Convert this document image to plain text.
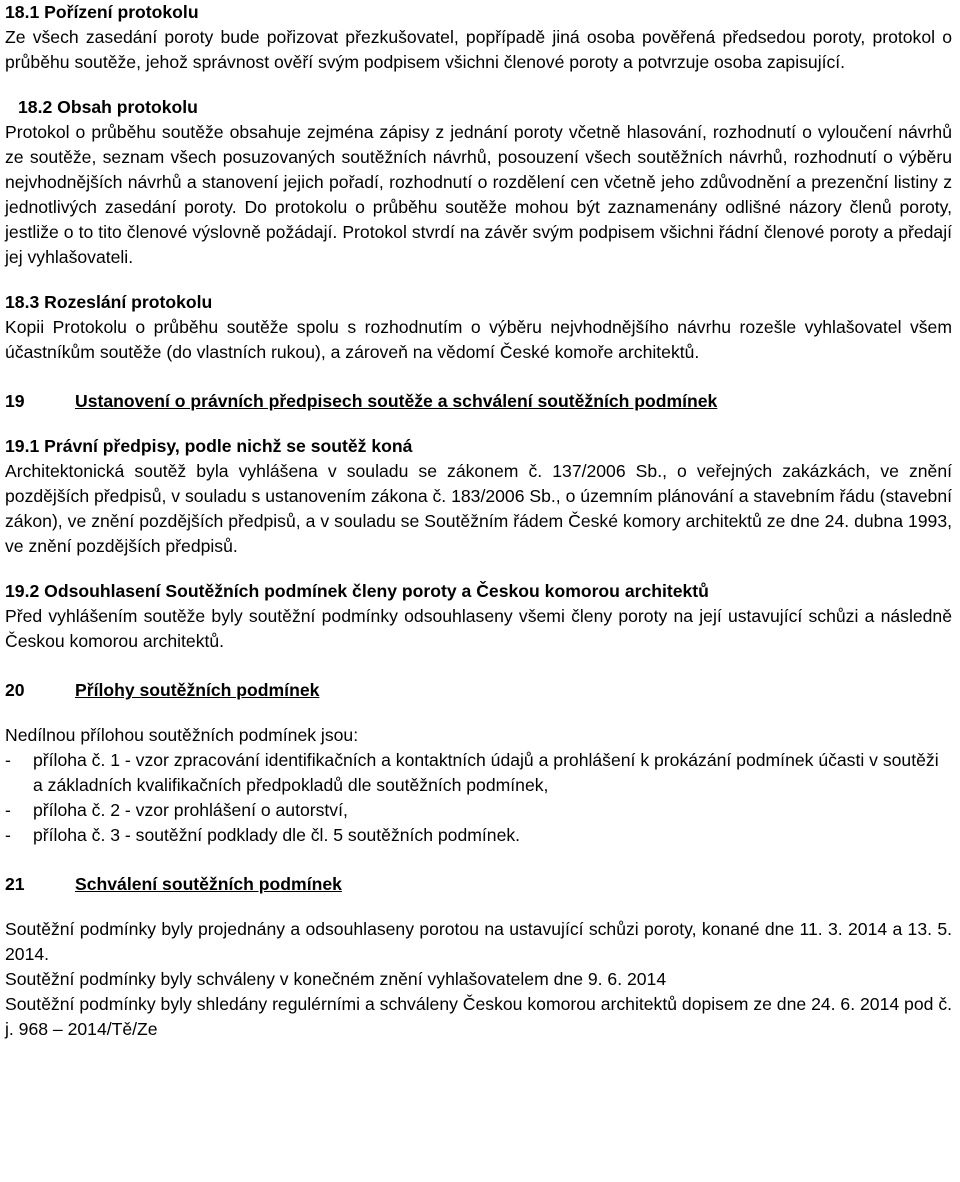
18.1 Pořízení protokolu
Ze všech zasedání poroty bude pořizovat přezkušovatel, popřípadě jiná osoba pověřená předsedou poroty, protokol o průběhu soutěže, jehož správnost ověří svým podpisem všichni členové poroty a potvrzuje osoba zapisující.
18.2 Obsah protokolu
Protokol o průběhu soutěže obsahuje zejména zápisy z jednání poroty včetně hlasování, rozhodnutí o vyloučení návrhů ze soutěže, seznam všech posuzovaných soutěžních návrhů, posouzení všech soutěžních návrhů, rozhodnutí o výběru nejvhodnějších návrhů a stanovení jejich pořadí, rozhodnutí o rozdělení cen včetně jeho zdůvodnění a prezenční listiny z jednotlivých zasedání poroty. Do protokolu o průběhu soutěže mohou být zaznamenány odlišné názory členů poroty, jestliže o to tito členové výslovně požádají. Protokol stvrdí na závěr svým podpisem všichni řádní členové poroty a předají jej vyhlašovateli.
18.3 Rozeslání protokolu
Kopii Protokolu o průběhu soutěže spolu s rozhodnutím o výběru nejvhodnějšího návrhu rozešle vyhlašovatel všem účastníkům soutěže (do vlastních rukou), a zároveň na vědomí České komoře architektů.
19	Ustanovení o právních předpisech soutěže a schválení soutěžních podmínek
19.1 Právní předpisy, podle nichž se soutěž koná
Architektonická soutěž byla vyhlášena v souladu se zákonem č. 137/2006 Sb., o veřejných zakázkách, ve znění pozdějších předpisů, v souladu s ustanovením zákona č. 183/2006 Sb., o územním plánování a stavebním řádu (stavební zákon), ve znění pozdějších předpisů, a v souladu se Soutěžním řádem České komory architektů ze dne 24. dubna 1993, ve znění pozdějších předpisů.
19.2 Odsouhlasení Soutěžních podmínek členy poroty a Českou komorou architektů
Před vyhlášením soutěže byly soutěžní podmínky odsouhlaseny všemi členy poroty na její ustavující schůzi a následně Českou komorou architektů.
20	Přílohy soutěžních podmínek
Nedílnou přílohou soutěžních podmínek jsou:
- příloha č. 1 - vzor zpracování identifikačních a kontaktních údajů a prohlášení k prokázání podmínek účasti v soutěži a základních kvalifikačních předpokladů dle soutěžních podmínek,
- příloha č. 2 - vzor prohlášení o autorství,
- příloha č. 3 - soutěžní podklady dle čl. 5 soutěžních podmínek.
21	Schválení soutěžních podmínek
Soutěžní podmínky byly projednány a odsouhlaseny porotou na ustavující schůzi poroty, konané dne 11. 3. 2014 a 13. 5. 2014.
Soutěžní podmínky byly schváleny v konečném znění vyhlašovatelem dne 9. 6. 2014
Soutěžní podmínky byly shledány regulérními a schváleny Českou komorou architektů dopisem ze dne 24. 6. 2014 pod č. j. 968 – 2014/Tě/Ze
